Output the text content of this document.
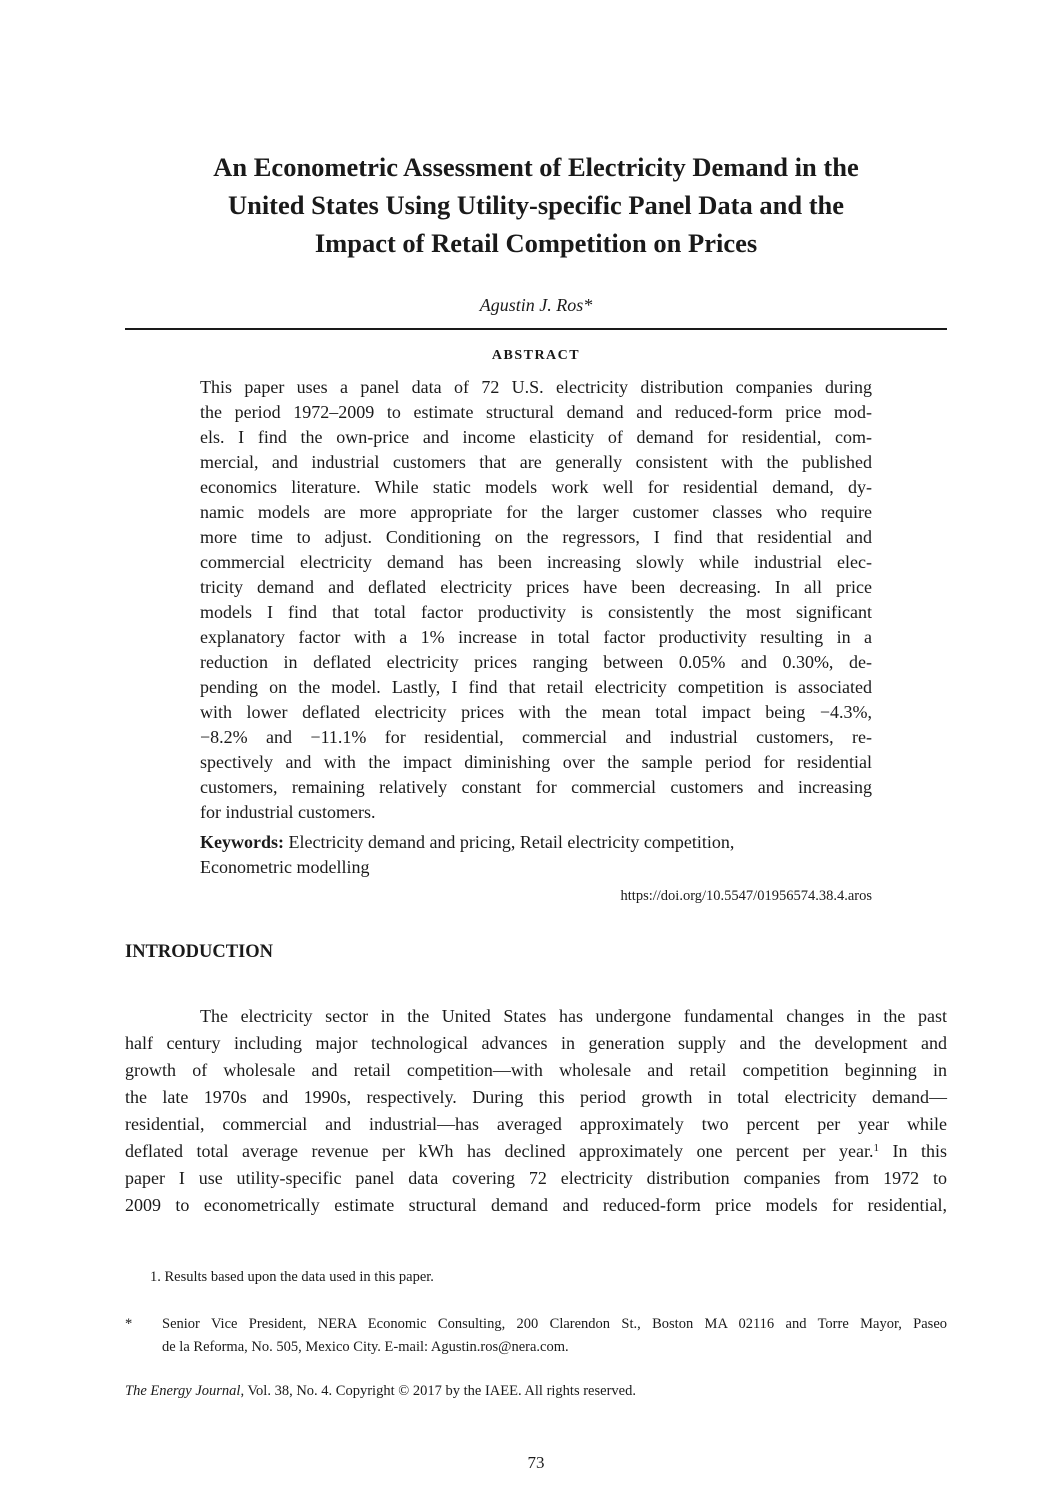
An Econometric Assessment of Electricity Demand in the
United States Using Utility-specific Panel Data and the
Impact of Retail Competition on Prices

Agustin J. Ros*

ABSTRACT

This paper uses a panel data of 72 U.S. electricity distribution companies during
the period 1972–2009 to estimate structural demand and reduced-form price mod-
els. I find the own-price and income elasticity of demand for residential, com-
mercial, and industrial customers that are generally consistent with the published
economics literature. While static models work well for residential demand, dy-
namic models are more appropriate for the larger customer classes who require
more time to adjust. Conditioning on the regressors, I find that residential and
commercial electricity demand has been increasing slowly while industrial elec-
tricity demand and deflated electricity prices have been decreasing. In all price
models I find that total factor productivity is consistently the most significant
explanatory factor with a 1% increase in total factor productivity resulting in a
reduction in deflated electricity prices ranging between 0.05% and 0.30%, de-
pending on the model. Lastly, I find that retail electricity competition is associated
with lower deflated electricity prices with the mean total impact being −4.3%,
−8.2% and −11.1% for residential, commercial and industrial customers, re-
spectively and with the impact diminishing over the sample period for residential
customers, remaining relatively constant for commercial customers and increasing
for industrial customers.

Keywords: Electricity demand and pricing, Retail electricity competition,
Econometric modelling

https://doi.org/10.5547/01956574.38.4.aros

INTRODUCTION

The electricity sector in the United States has undergone fundamental changes in the past
half century including major technological advances in generation supply and the development and
growth of wholesale and retail competition—with wholesale and retail competition beginning in
the late 1970s and 1990s, respectively. During this period growth in total electricity demand—
residential, commercial and industrial—has averaged approximately two percent per year while
deflated total average revenue per kWh has declined approximately one percent per year.$^1$ In this
paper I use utility-specific panel data covering 72 electricity distribution companies from 1972 to
2009 to econometrically estimate structural demand and reduced-form price models for residential,

1. Results based upon the data used in this paper.

* Senior Vice President, NERA Economic Consulting, 200 Clarendon St., Boston MA 02116 and Torre Mayor, Paseo
de la Reforma, No. 505, Mexico City. E-mail: Agustin.ros@nera.com.

The Energy Journal, Vol. 38, No. 4. Copyright © 2017 by the IAEE. All rights reserved.

73
